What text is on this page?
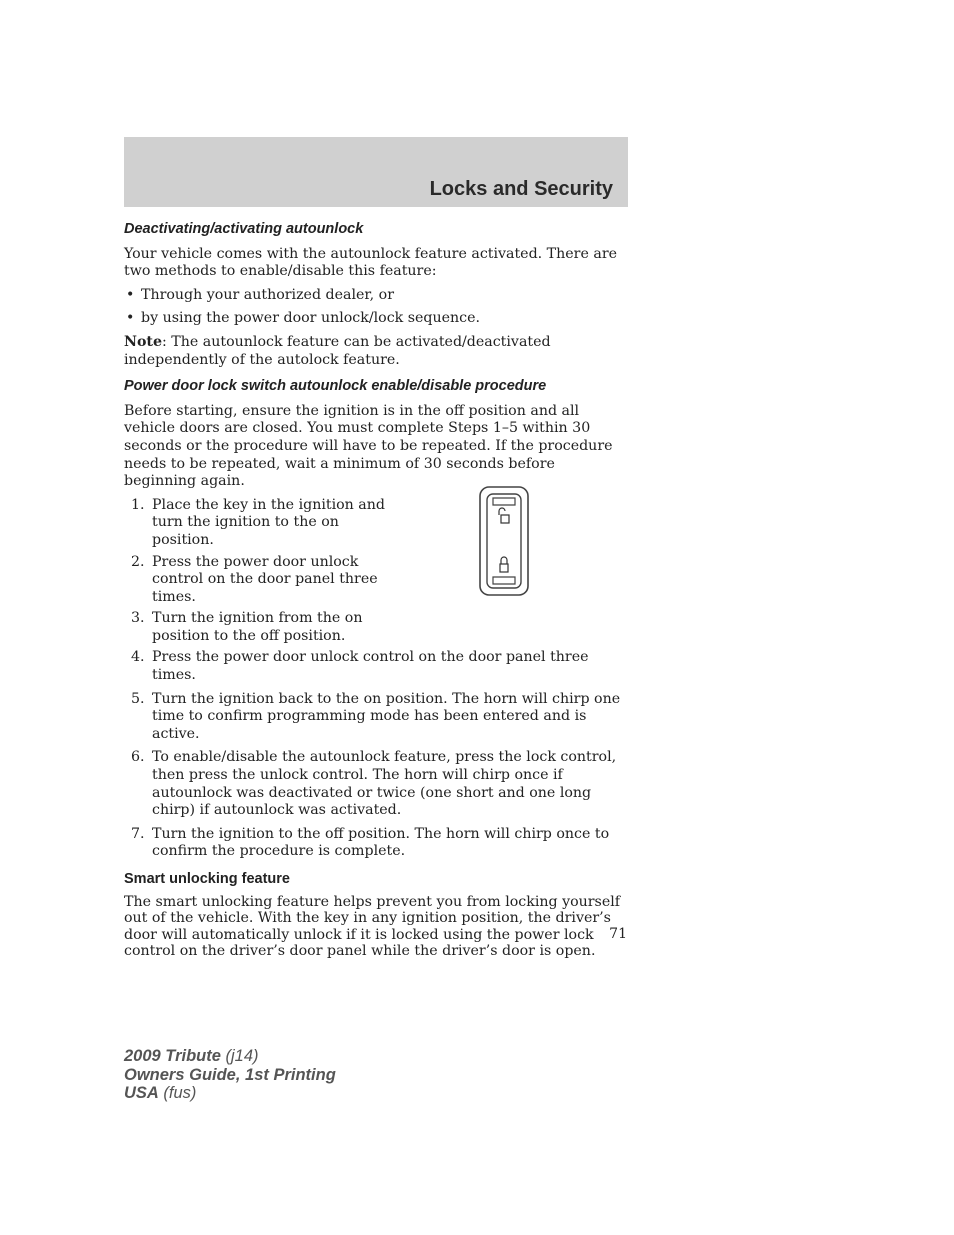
Locks and Security
Deactivating/activating autounlock

Your vehicle comes with the autounlock feature activated. There are two methods to enable/disable this feature:

• Through your authorized dealer, or
• by using the power door unlock/lock sequence.

Note: The autounlock feature can be activated/deactivated independently of the autolock feature.

Power door lock switch autounlock enable/disable procedure

Before starting, ensure the ignition is in the off position and all vehicle doors are closed. You must complete Steps 1–5 within 30 seconds or the procedure will have to be repeated. If the procedure needs to be repeated, wait a minimum of 30 seconds before beginning again.

1. Place the key in the ignition and turn the ignition to the on position.
2. Press the power door unlock control on the door panel three times.
3. Turn the ignition from the on position to the off position.
4. Press the power door unlock control on the door panel three times.
5. Turn the ignition back to the on position. The horn will chirp one time to confirm programming mode has been entered and is active.
6. To enable/disable the autounlock feature, press the lock control, then press the unlock control. The horn will chirp once if autounlock was deactivated or twice (one short and one long chirp) if autounlock was activated.
7. Turn the ignition to the off position. The horn will chirp once to confirm the procedure is complete.
Smart unlocking feature

The smart unlocking feature helps prevent you from locking yourself out of the vehicle. With the key in any ignition position, the driver’s door will automatically unlock if it is locked using the power lock control on the driver’s door panel while the driver’s door is open.

71
2009 Tribute (j14)
Owners Guide, 1st Printing
USA (fus)
